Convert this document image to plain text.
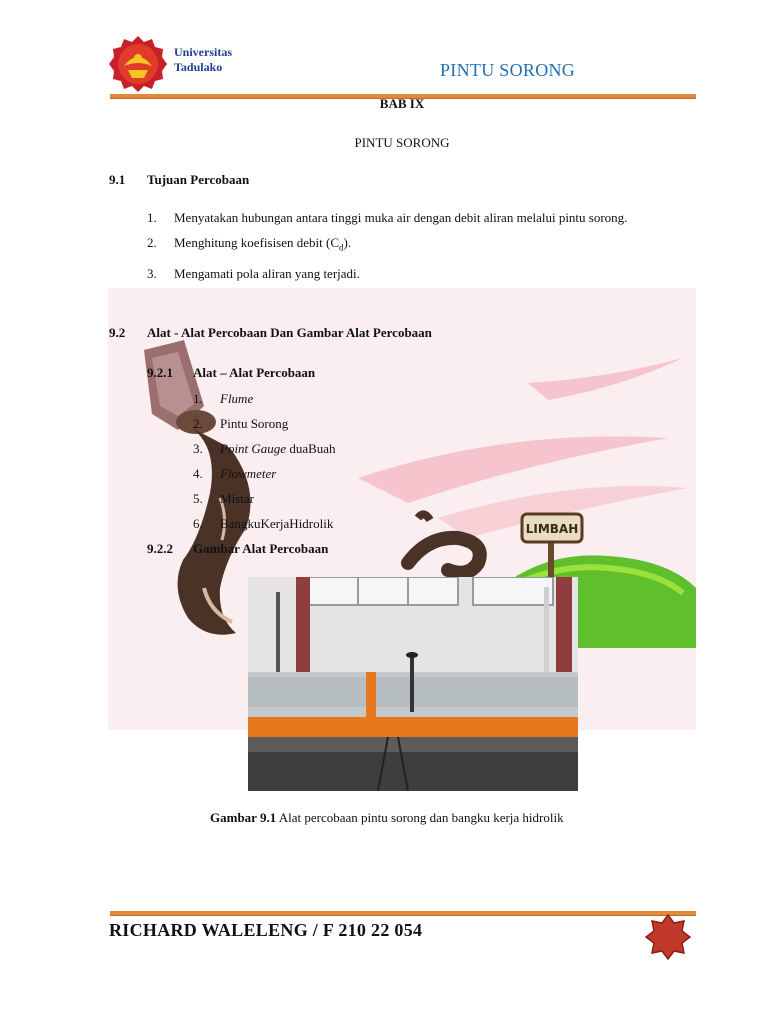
Universitas
Tadulako	PINTU SORONG
LIMBAH
BAB IX
PINTU SORONG
9.1 Tujuan Percobaan
1. Menyatakan hubungan antara tinggi muka air dengan debit aliran melalui pintu sorong.
2. Menghitung koefisisen debit $(C_d)$.
3. Mengamati pola aliran yang terjadi.
9.2 Alat - Alat Percobaan Dan Gambar Alat Percobaan
9.2.1 Alat – Alat Percobaan
1. Flume
2. Pintu Sorong
3. Point Gauge duaBuah
4. Flowmeter
5. Mistar
6. BangkuKerjaHidrolik
9.2.2 Gambar Alat Percobaan
Gambar 9.1 Alat percobaan pintu sorong dan bangku kerja hidrolik
RICHARD WALELENG / F 210 22 054
